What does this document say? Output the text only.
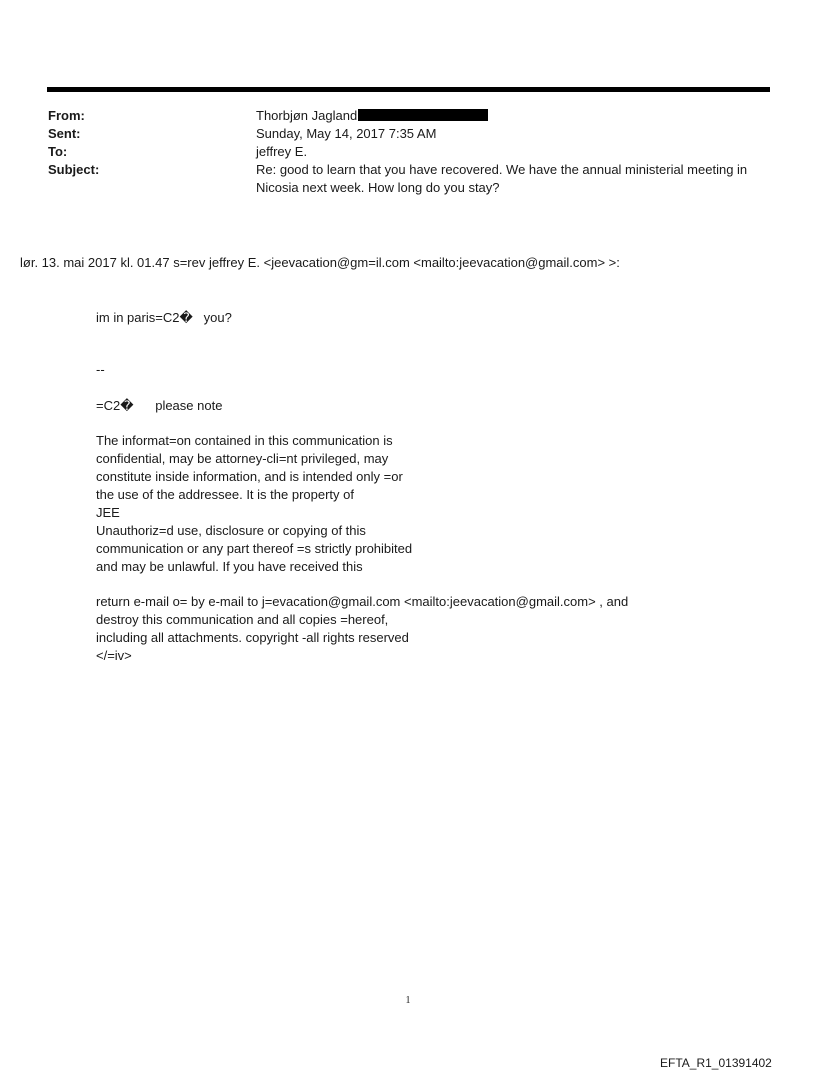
From:	Thorbjøn Jagland
Sent:	Sunday, May 14, 2017 7:35 AM
To:	jeffrey E.
Subject:	Re: good to learn that you have recovered. We have the annual ministerial meeting in
Nicosia next week. How long do you stay?
lør. 13. mai 2017 kl. 01.47 s=rev jeffrey E. <jeevacation@gm=il.com <mailto:jeevacation@gmail.com> >:
im in paris=C2�   you?
--
=C2�      please note
The informat=on contained in this communication is
confidential, may be attorney-cli=nt privileged, may
constitute inside information, and is intended only =or
the use of the addressee. It is the property of
JEE
Unauthoriz=d use, disclosure or copying of this
communication or any part thereof =s strictly prohibited
and may be unlawful. If you have received this
return e-mail o= by e-mail to j=evacation@gmail.com <mailto:jeevacation@gmail.com> , and
destroy this communication and all copies =hereof,
including all attachments. copyright -all rights reserved
</=iv>
1
EFTA_R1_01391402
